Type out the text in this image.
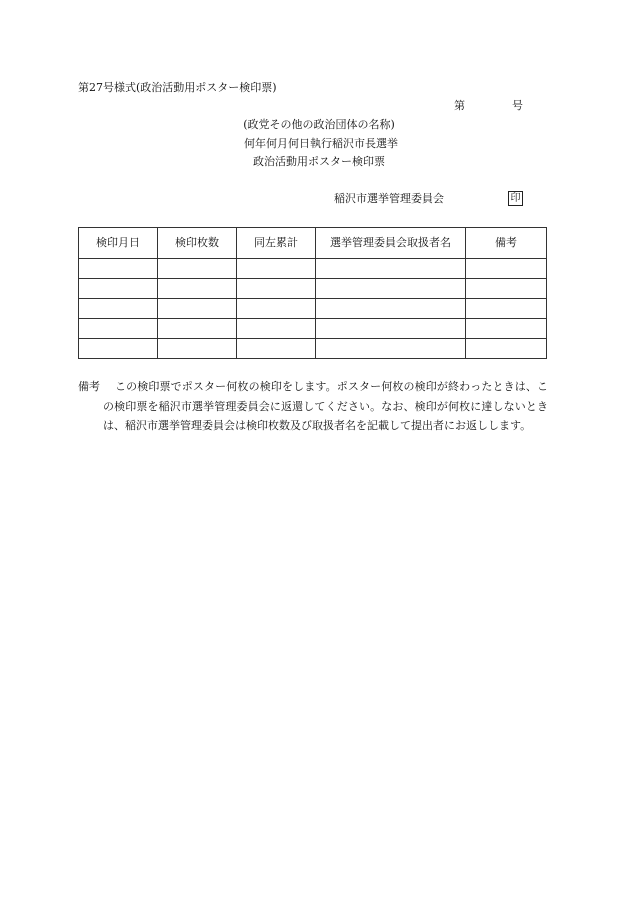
第27号様式(政治活動用ポスター検印票)
第	号
(政党その他の政治団体の名称)
何年何月何日執行稲沢市長選挙
政治活動用ポスター検印票
稲沢市選挙管理委員会	印
検印月日	検印枚数	同左累計	選挙管理委員会取扱者名	備考

備考	この検印票でポスター何枚の検印をします。ポスター何枚の検印が終わったときは、この検印票を稲沢市選挙管理委員会に返還してください。なお、検印が何枚に達しないときは、稲沢市選挙管理委員会は検印枚数及び取扱者名を記載して提出者にお返しします。
